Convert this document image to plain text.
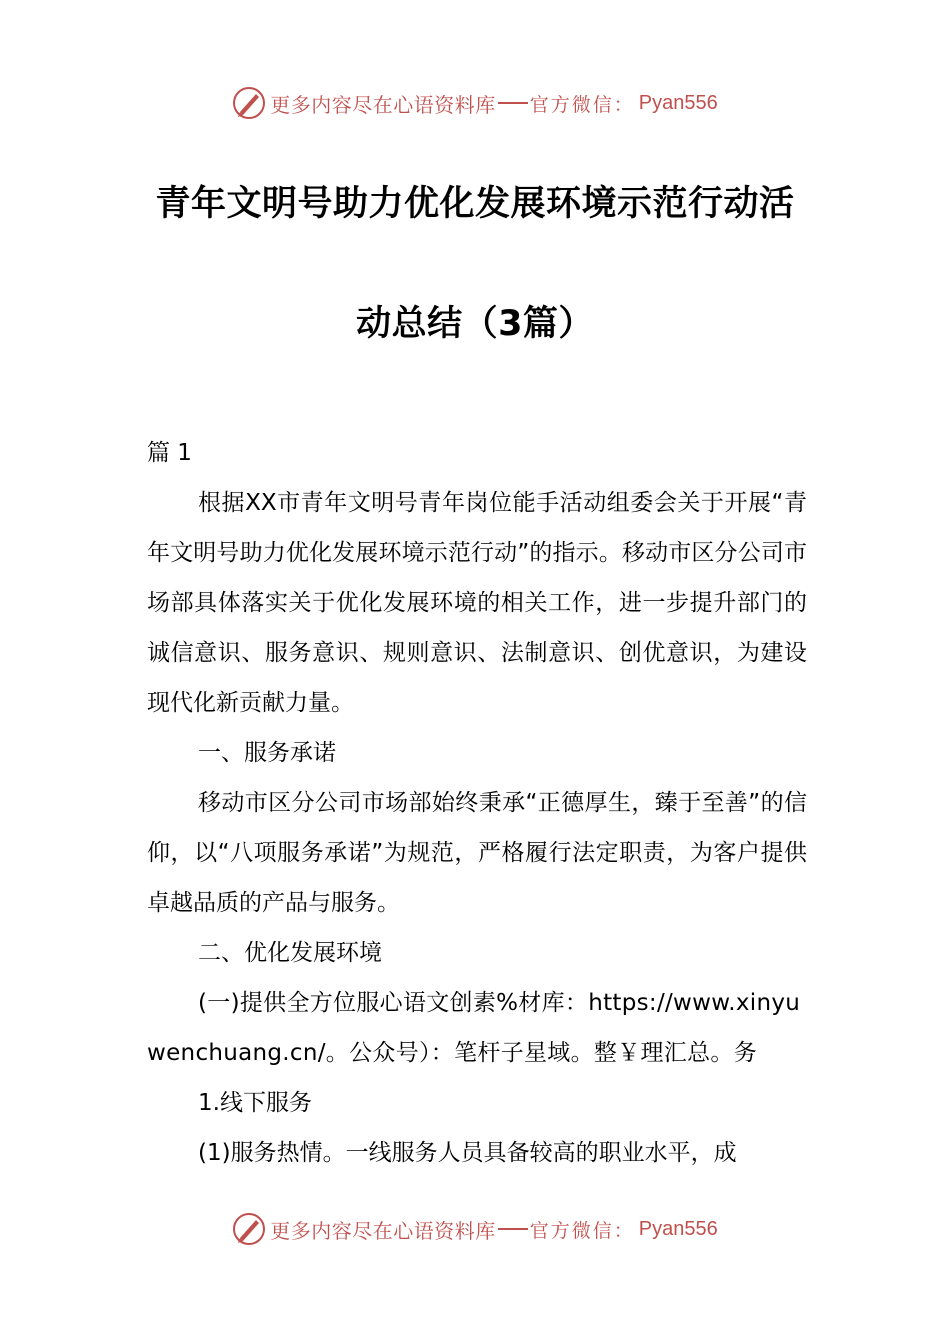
更多内容尽在心语资料库 官方微信： Pyan556
青年文明号助力优化发展环境示范行动活
动总结（3篇）
篇 1
根据XX市青年文明号青年岗位能手活动组委会关于开展“青年文明号助力优化发展环境示范行动”的指示。移动市区分公司市场部具体落实关于优化发展环境的相关工作，进一步提升部门的诚信意识、服务意识、规则意识、法制意识、创优意识，为建设现代化新贡献力量。
一、服务承诺
移动市区分公司市场部始终秉承“正德厚生，臻于至善”的信仰，以“八项服务承诺”为规范，严格履行法定职责，为客户提供卓越品质的产品与服务。
二、优化发展环境
(一)提供全方位服心语文创素%材库：https://www.xinyu
wenchuang.cn/。公众号）：笔杆子星域。整￥理汇总。务
1.线下服务
(1)服务热情。一线服务人员具备较高的职业水平，成
更多内容尽在心语资料库 官方微信： Pyan556
